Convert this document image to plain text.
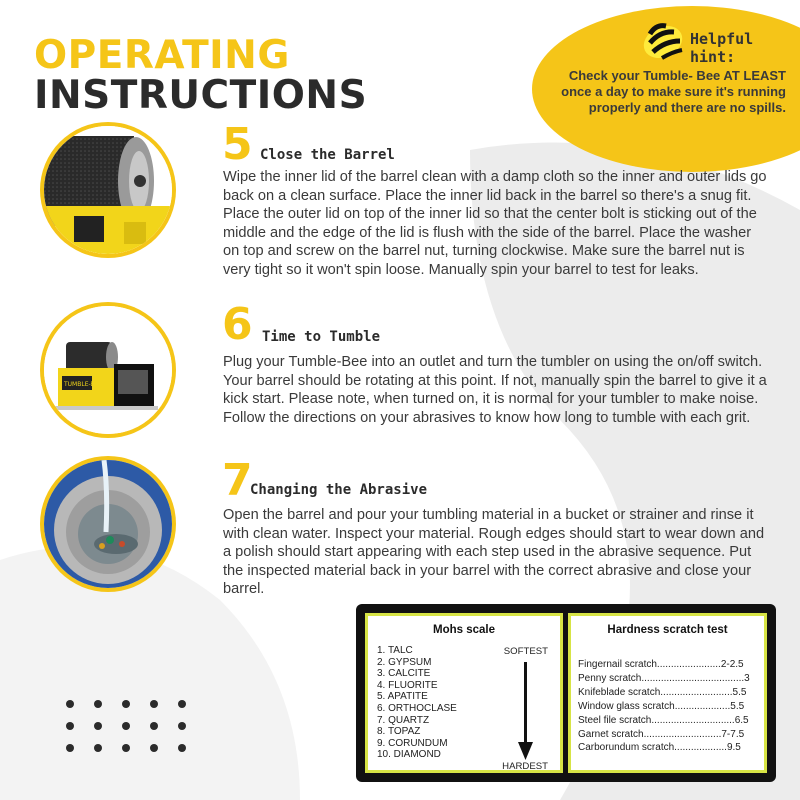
OPERATING
INSTRUCTIONS
Helpful hint:
Check your Tumble- Bee AT LEAST once a day to make sure it's running properly and there are no spills.
5 Close the Barrel

Wipe the inner lid of the barrel clean with a damp cloth so the inner and outer lids go back on a clean surface. Place the inner lid back in the barrel so there's a snug fit. Place the outer lid on top of the inner lid so that the center bolt is sticking out of the middle and the edge of the lid is flush with the side of the barrel. Place the washer on top and screw on the barrel nut, turning clockwise. Make sure the barrel nut is very tight so it won't spin loose. Manually spin your barrel to test for leaks.

TUMBLE-BEE
6 Time to Tumble

Plug your Tumble-Bee into an outlet and turn the tumbler on using the on/off switch. Your barrel should be rotating at this point. If not, manually spin the barrel to give it a kick start. Please note, when turned on, it is normal for your tumbler to make noise. Follow the directions on your abrasives to know how long to tumble with each grit.

7
Changing the Abrasive

Open the barrel and pour your tumbling material in a bucket or strainer and rinse it with clean water. Inspect your material. Rough edges should start to wear down and a polish should start appearing with each step used in the abrasive sequence. Put the inspected material back in your barrel with the correct abrasive and close your barrel.

Mohs scale
SOFTEST
1. TALC
2. GYPSUM
3. CALCITE
4. FLUORITE
5. APATITE
6. ORTHOCLASE
7. QUARTZ
8. TOPAZ
9. CORUNDUM
10. DIAMOND
HARDEST
Hardness scratch test
Fingernail scratch.......................2-2.5
Penny scratch.....................................3
Knifeblade scratch..........................5.5
Window glass scratch....................5.5
Steel file scratch..............................6.5
Garnet scratch............................7-7.5
Carborundum scratch...................9.5
